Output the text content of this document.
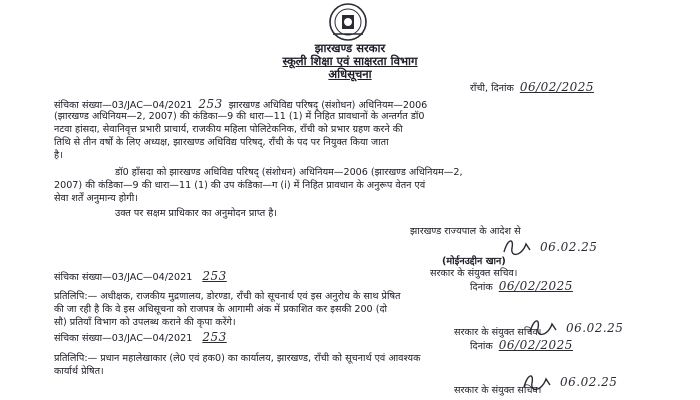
झारखण्ड सरकार
स्कूली शिक्षा एवं साक्षरता विभाग
अधिसूचना
राँची, दिनांक 06/02/2025
संचिका संख्या—03/JAC—04/2021 253 झारखण्ड अधिविद्य परिषद् (संशोधन) अधिनियम—2006
(झारखण्ड अधिनियम—2, 2007) की कंडिका—9 की धारा—11 (1) में निहित प्रावधानों के अन्तर्गत डॉ0
नटवा हांसदा, सेवानिवृत्त प्रभारी प्राचार्य, राजकीय महिला पोलिटेकनिक, राँची को प्रभार ग्रहण करने की
तिथि से तीन वर्षों के लिए अध्यक्ष, झारखण्ड अधिविद्य परिषद्, राँची के पद पर नियुक्त किया जाता
है।
डॉ0 हाँसदा को झारखण्ड अधिविद्य परिषद् (संशोधन) अधिनियम—2006 (झारखण्ड अधिनियम—2,
2007) की कंडिका—9 की धारा—11 (1) की उप कंडिका—ग (i) में निहित प्रावधान के अनुरूप वेतन एवं
सेवा शर्तें अनुमान्य होगी।
उक्त पर सक्षम प्राधिकार का अनुमोदन प्राप्त है।
झारखण्ड राज्यपाल के आदेश से
06.02.25
(मोईनउद्दीन खान)
सरकार के संयुक्त सचिव।
दिनांक 06/02/2025
संचिका संख्या—03/JAC—04/2021 253
प्रतिलिपि:— अधीक्षक, राजकीय मुद्रणालय, डोरण्डा, राँची को सूचनार्थ एवं इस अनुरोध के साथ प्रेषित
की जा रही है कि वे इस अधिसूचना को राजपत्र के आगामी अंक में प्रकाशित कर इसकी 200 (दो
सौ) प्रतियाँ विभाग को उपलब्ध कराने की कृपा करेंगे।
सरकार के संयुक्त सचिव। 06.02.25
दिनांक 06/02/2025
संचिका संख्या—03/JAC—04/2021 253
प्रतिलिपि:— प्रधान महालेखाकार (ले0 एवं हक0) का कार्यालय, झारखण्ड, राँची को सूचनार्थ एवं आवश्यक
कार्यार्थ प्रेषित।
06.02.25
सरकार के संयुक्त सचिव।
